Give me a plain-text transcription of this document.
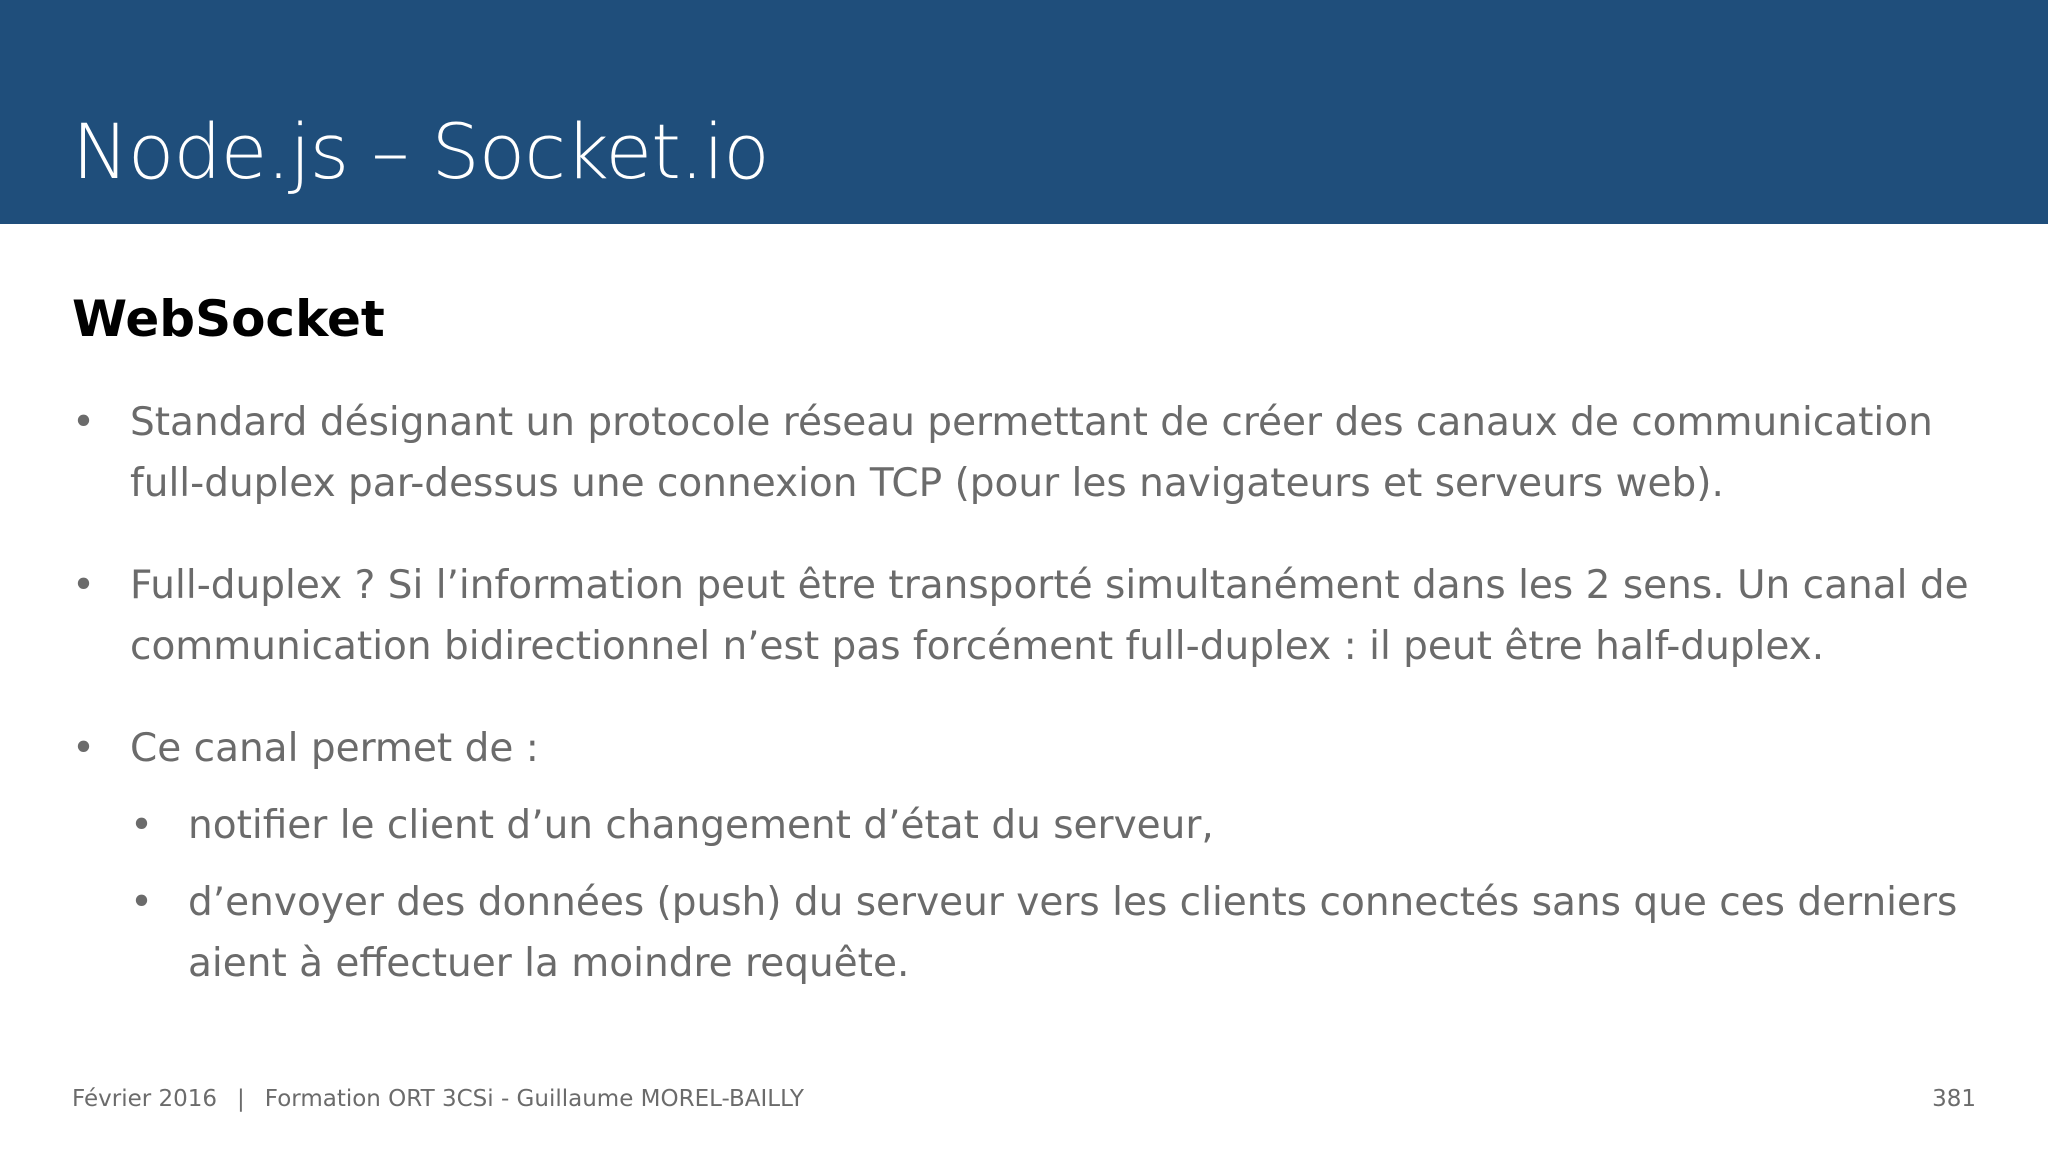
Node.js – Socket.io
WebSocket
• Standard désignant un protocole réseau permettant de créer des canaux de communication full-duplex par-dessus une connexion TCP (pour les navigateurs et serveurs web).
• Full-duplex ? Si l’information peut être transporté simultanément dans les 2 sens. Un canal de communication bidirectionnel n’est pas forcément full-duplex : il peut être half-duplex.
• Ce canal permet de :
• notifier le client d’un changement d’état du serveur,
• d’envoyer des données (push) du serveur vers les clients connectés sans que ces derniers aient à effectuer la moindre requête.
Février 2016 | Formation ORT 3CSi - Guillaume MOREL-BAILLY	381
